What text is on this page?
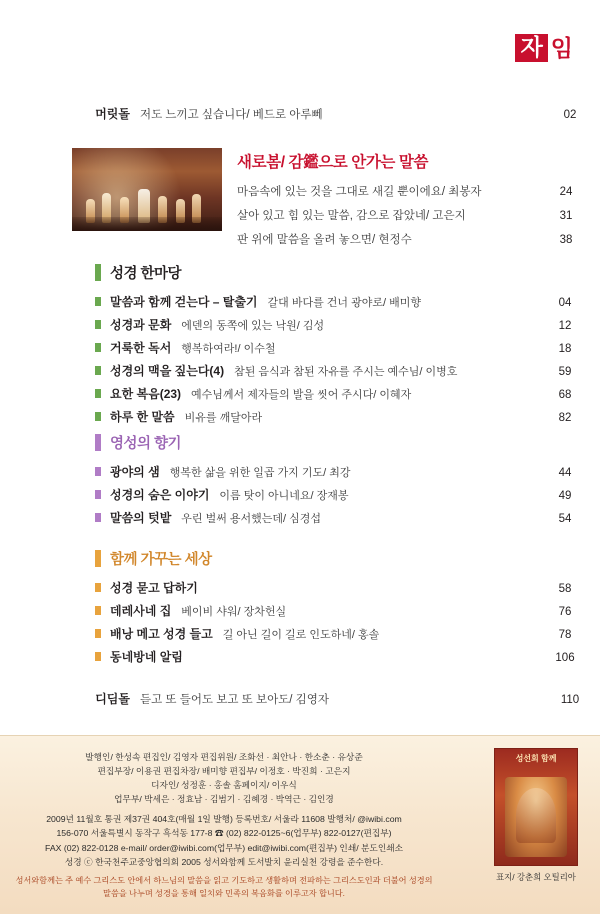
자 임
머릿돌 저도 느끼고 싶습니다/ 베드로 아루뻬	02
새로봄/ 감鑑으로 안가는 말씀
마음속에 있는 것을 그대로 새길 뿐이에요/ 최봉자	24
살아 있고 힘 있는 말씀, 감으로 잡았네/ 고은지	31
판 위에 말씀을 올려 놓으면/ 현정수	38
성경 한마당
말씀과 함께 걷는다 – 탈출기 갈대 바다를 건너 광야로/ 배미향	04
성경과 문화 에덴의 동쪽에 있는 낙원/ 김성	12
거룩한 독서 행복하여라!/ 이수철	18
성경의 맥을 짚는다(4) 참된 음식과 참된 자유를 주시는 예수님/ 이병호	59
요한 복음(23) 예수님께서 제자들의 발을 씻어 주시다/ 이혜자	68
하루 한 말씀 비유를 깨달아라	82
영성의 향기
광야의 샘 행복한 삶을 위한 일곱 가지 기도/ 최강	44
성경의 숨은 이야기 이름 탓이 아니네요/ 장재봉	49
말씀의 텃밭 우린 벌써 용서했는데/ 심경섭	54
함께 가꾸는 세상
성경 묻고 답하기	58
데레사네 집 베이비 샤워/ 장차헌실	76
배낭 메고 성경 들고 길 아닌 길이 길로 인도하네/ 홍솔	78
동네방네 알림	106
디딤돌 듣고 또 들어도 보고 또 보아도/ 김영자	110
발행인/ 한성속 편집인/ 김영자 편집위원/ 조화선 · 최안나 · 한소춘 · 유상준
편집부장/ 이용권 편집차장/ 배미향 편집부/ 이정호 · 박진희 · 고은지
디자인/ 성정훈 · 홍솔 홈페이지/ 이우식
업무부/ 박세은 · 정효남 · 김범기 · 김혜경 · 박역근 · 김인경
2009년 11월호 통권 제37권 404호(매월 1일 발행) 등록번호/ 서울라 11608 발행처/ @iwibi.com
156-070 서울특별시 동작구 흑석동 177-8 ☎ (02) 822-0125~6(업무부) 822-0127(편집부)
FAX (02) 822-0128 e-mail/ order@iwibi.com(업무부) edit@iwibi.com(편집부) 인쇄/ 분도인쇄소
성경 ⓒ 한국천주교중앙협의회 2005 성서와함께 도서발치 윤리실천 강령을 준수한다.
성서와함께는 주 예수 그리스도 안에서 하느님의 말씀을 읽고 기도하고 생활하며 전파하는 그리스도인과 더불어 성경의 말씀을 나누며 성경을 통해 일치와 민족의 복음화를 이루고자 합니다.
성선회 함께
표지/ 강춘희 오틸리아
